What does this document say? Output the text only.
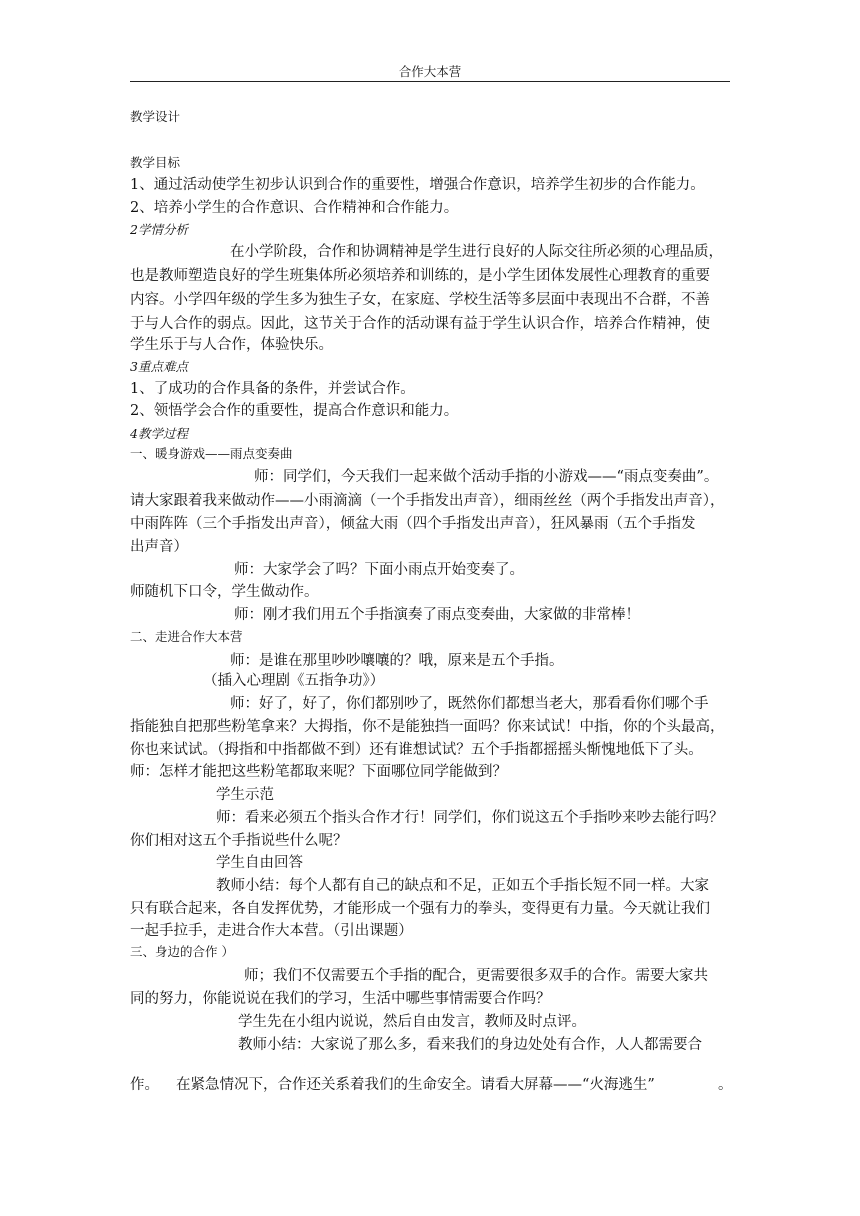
合作大本营
教学设计
教学目标
1、通过活动使学生初步认识到合作的重要性，增强合作意识，培养学生初步的合作能力。
2、培养小学生的合作意识、合作精神和合作能力。
2学情分析
在小学阶段，合作和协调精神是学生进行良好的人际交往所必须的心理品质，
也是教师塑造良好的学生班集体所必须培养和训练的，是小学生团体发展性心理教育的重要
内容。小学四年级的学生多为独生子女，在家庭、学校生活等多层面中表现出不合群，不善
于与人合作的弱点。因此，这节关于合作的活动课有益于学生认识合作，培养合作精神，使
学生乐于与人合作，体验快乐。
3重点难点
1、了成功的合作具备的条件，并尝试合作。
2、领悟学会合作的重要性，提高合作意识和能力。
4教学过程
一、暖身游戏——雨点变奏曲
师：同学们，今天我们一起来做个活动手指的小游戏——“雨点变奏曲”。
请大家跟着我来做动作——小雨滴滴（一个手指发出声音），细雨丝丝（两个手指发出声音），
中雨阵阵（三个手指发出声音），倾盆大雨（四个手指发出声音），狂风暴雨（五个手指发
出声音）
师：大家学会了吗？下面小雨点开始变奏了。
师随机下口令，学生做动作。
师：刚才我们用五个手指演奏了雨点变奏曲，大家做的非常棒！
二、走进合作大本营
师：是谁在那里吵吵嚷嚷的？哦，原来是五个手指。
（插入心理剧《五指争功》）
师：好了，好了，你们都别吵了，既然你们都想当老大，那看看你们哪个手
指能独自把那些粉笔拿来？大拇指，你不是能独挡一面吗？你来试试！中指，你的个头最高，
你也来试试。（拇指和中指都做不到）还有谁想试试？五个手指都摇摇头惭愧地低下了头。
师：怎样才能把这些粉笔都取来呢？下面哪位同学能做到？
学生示范
师：看来必须五个指头合作才行！同学们，你们说这五个手指吵来吵去能行吗？
你们相对这五个手指说些什么呢？
学生自由回答
教师小结：每个人都有自己的缺点和不足，正如五个手指长短不同一样。大家
只有联合起来，各自发挥优势，才能形成一个强有力的拳头，变得更有力量。今天就让我们
一起手拉手，走进合作大本营。（引出课题）
三、身边的合作 ）
师；我们不仅需要五个手指的配合，更需要很多双手的合作。需要大家共
同的努力，你能说说在我们的学习，生活中哪些事情需要合作吗？
学生先在小组内说说，然后自由发言，教师及时点评。
教师小结：大家说了那么多，看来我们的身边处处有合作，人人都需要合
作。 在紧急情况下，合作还关系着我们的生命安全。请看大屏幕——“火海逃生”	。
